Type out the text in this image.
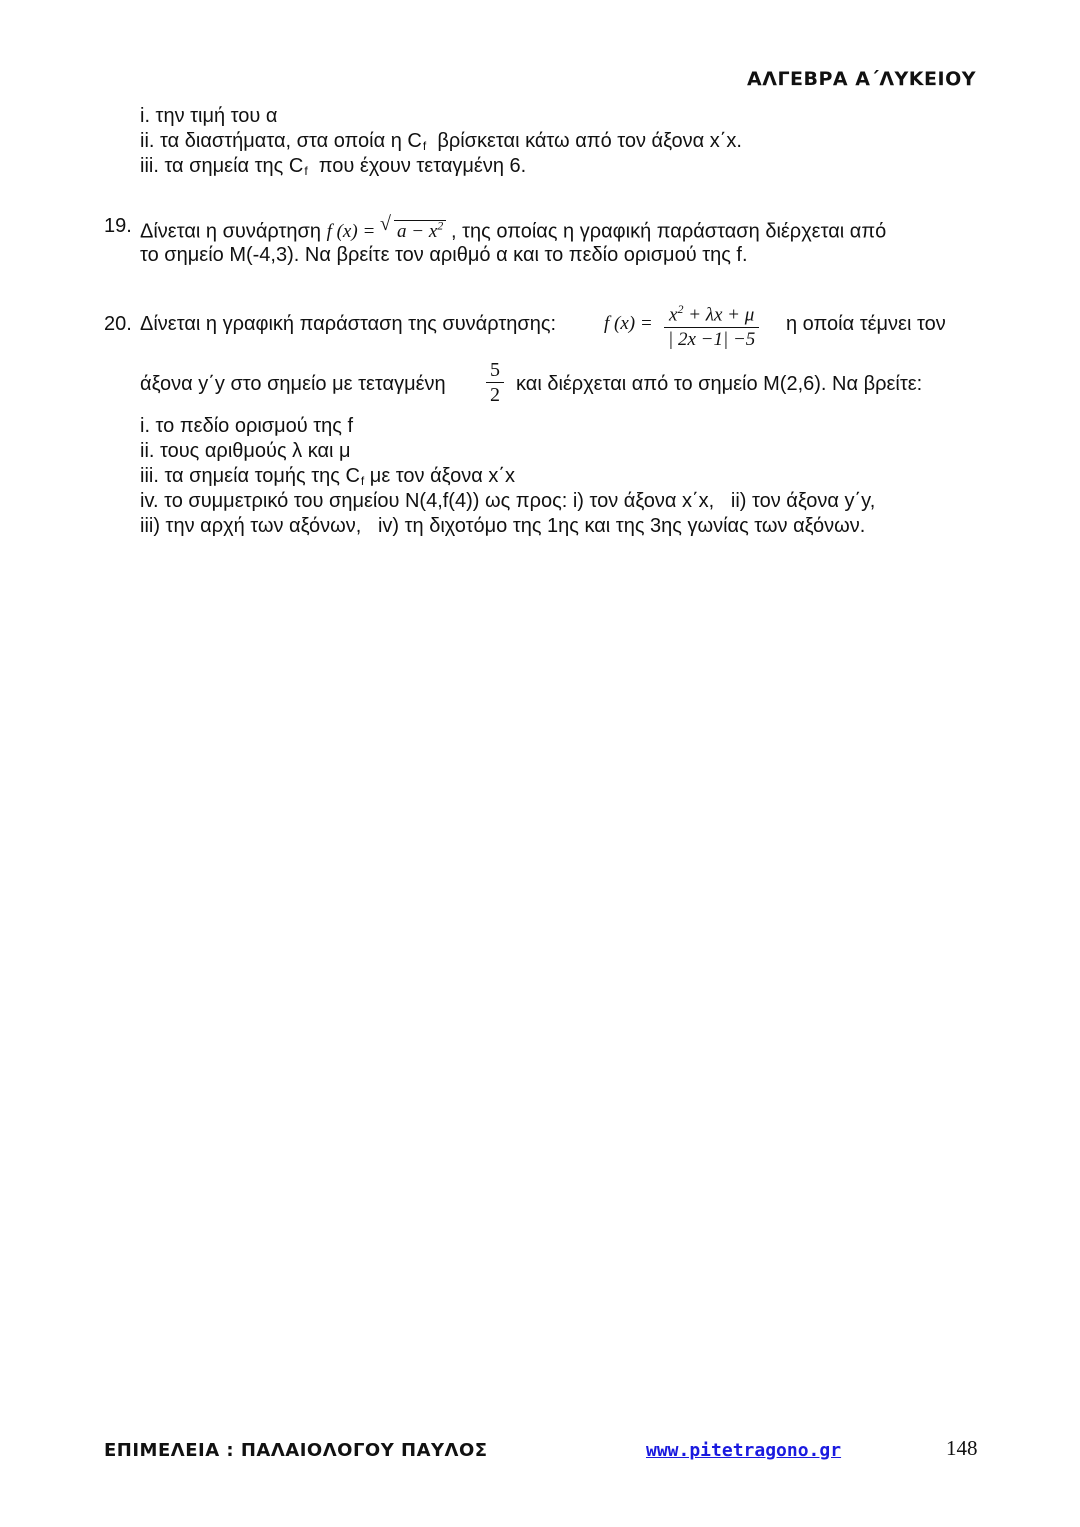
ΑΛΓΕΒΡΑ Α΄ΛΥΚΕΙΟΥ
i. την τιμή του α
ii. τα διαστήματα, στα οποία η $C_f$  βρίσκεται κάτω από τον άξονα x΄x.
iii. τα σημεία της $C_f$  που έχουν τεταγμένη 6.
19. Δίνεται η συνάρτηση f (x) = √ $a - x^2$ , της οποίας η γραφική παράσταση διέρχεται από
το σημείο Μ(-4,3). Να βρείτε τον αριθμό α και το πεδίο ορισμού της f.
20. Δίνεται η γραφική παράσταση της συνάρτησης:	f $(x) = \frac{x^2 + \lambda x + \mu}{| 2x -1| -5}$ η οποία τέμνει τον
άξονα y΄y στο σημείο με τεταγμένη $\frac{5}{2}$ και διέρχεται από το σημείο Μ(2,6). Να βρείτε:
i. το πεδίο ορισμού της f
ii. τους αριθμούς λ και μ
iii. τα σημεία τομής της $C_f$ με τον άξονα x΄x
iv. το συμμετρικό του σημείου Ν(4,f(4)) ως προς: i) τον άξονα x΄x,   ii) τον άξονα y΄y,
iii) την αρχή των αξόνων,   iv) τη διχοτόμο της 1ης και της 3ης γωνίας των αξόνων.
ΕΠΙΜΕΛΕΙΑ : ΠΑΛΑΙΟΛΟΓΟΥ ΠΑΥΛΟΣ	www.pitetragono.gr	148
